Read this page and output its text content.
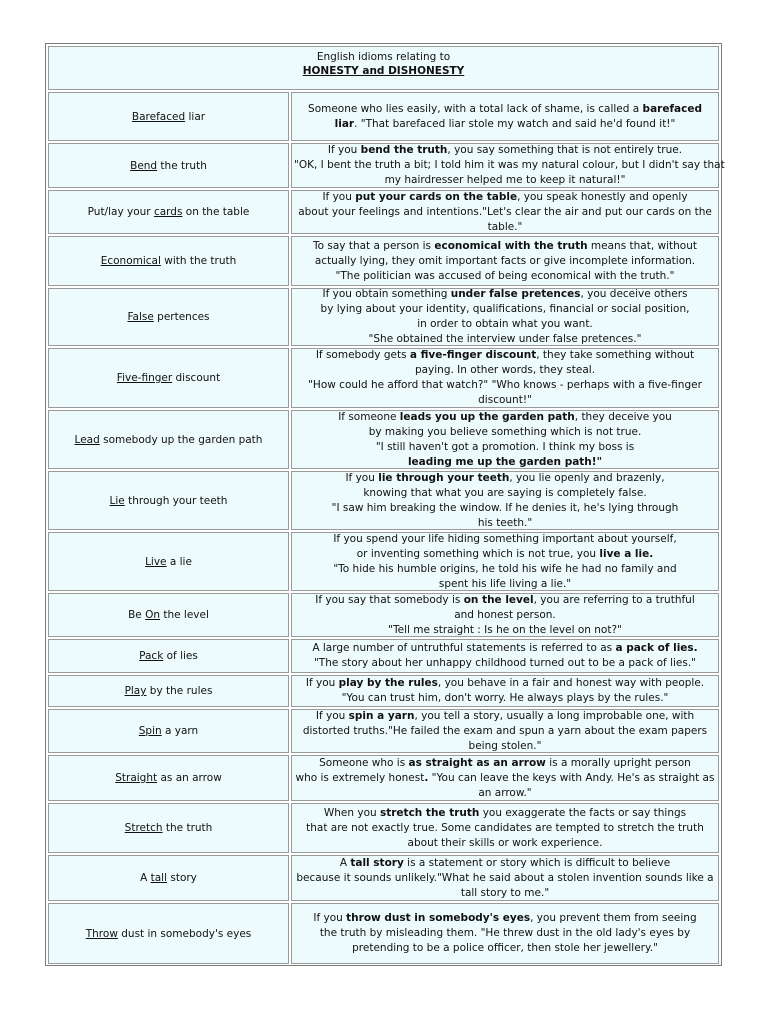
English idioms relating to
HONESTY and DISHONESTY
Barefaced liar
Someone who lies easily, with a total lack of shame, is called a barefaced
liar. "That barefaced liar stole my watch and said he'd found it!"
Bend the truth
If you bend the truth, you say something that is not entirely true.
"OK, I bent the truth a bit; I told him it was my natural colour, but I didn't say that
my hairdresser helped me to keep it natural!"
Put/lay your cards on the table
If you put your cards on the table, you speak honestly and openly
about your feelings and intentions."Let's clear the air and put our cards on the
table."
Economical with the truth
To say that a person is economical with the truth means that, without
actually lying, they omit important facts or give incomplete information.
"The politician was accused of being economical with the truth."
False pertences
If you obtain something under false pretences, you deceive others
by lying about your identity, qualifications, financial or social position,
in order to obtain what you want.
"She obtained the interview under false pretences."
Five-finger discount
If somebody gets a five-finger discount, they take something without
paying. In other words, they steal.
"How could he afford that watch?" "Who knows - perhaps with a five-finger
discount!"
Lead somebody up the garden path
If someone leads you up the garden path, they deceive you
by making you believe something which is not true.
"I still haven't got a promotion. I think my boss is
leading me up the garden path!"
Lie through your teeth
If you lie through your teeth, you lie openly and brazenly,
knowing that what you are saying is completely false.
"I saw him breaking the window. If he denies it, he's lying through
his teeth."
Live a lie
If you spend your life hiding something important about yourself,
or inventing something which is not true, you live a lie.
"To hide his humble origins, he told his wife he had no family and
spent his life living a lie."
Be On the level
If you say that somebody is on the level, you are referring to a truthful
and honest person.
"Tell me straight : Is he on the level on not?"
Pack of lies
A large number of untruthful statements is referred to as a pack of lies.
"The story about her unhappy childhood turned out to be a pack of lies."
Play by the rules
If you play by the rules, you behave in a fair and honest way with people.
"You can trust him, don't worry. He always plays by the rules."
Spin a yarn
If you spin a yarn, you tell a story, usually a long improbable one, with
distorted truths."He failed the exam and spun a yarn about the exam papers
being stolen."
Straight as an arrow
Someone who is as straight as an arrow is a morally upright person
who is extremely honest. "You can leave the keys with Andy. He's as straight as
an arrow."
Stretch the truth
When you stretch the truth you exaggerate the facts or say things
that are not exactly true. Some candidates are tempted to stretch the truth
about their skills or work experience.
A tall story
A tall story is a statement or story which is difficult to believe
because it sounds unlikely."What he said about a stolen invention sounds like a
tall story to me."
Throw dust in somebody's eyes
If you throw dust in somebody's eyes, you prevent them from seeing
the truth by misleading them. "He threw dust in the old lady's eyes by
pretending to be a police officer, then stole her jewellery."
